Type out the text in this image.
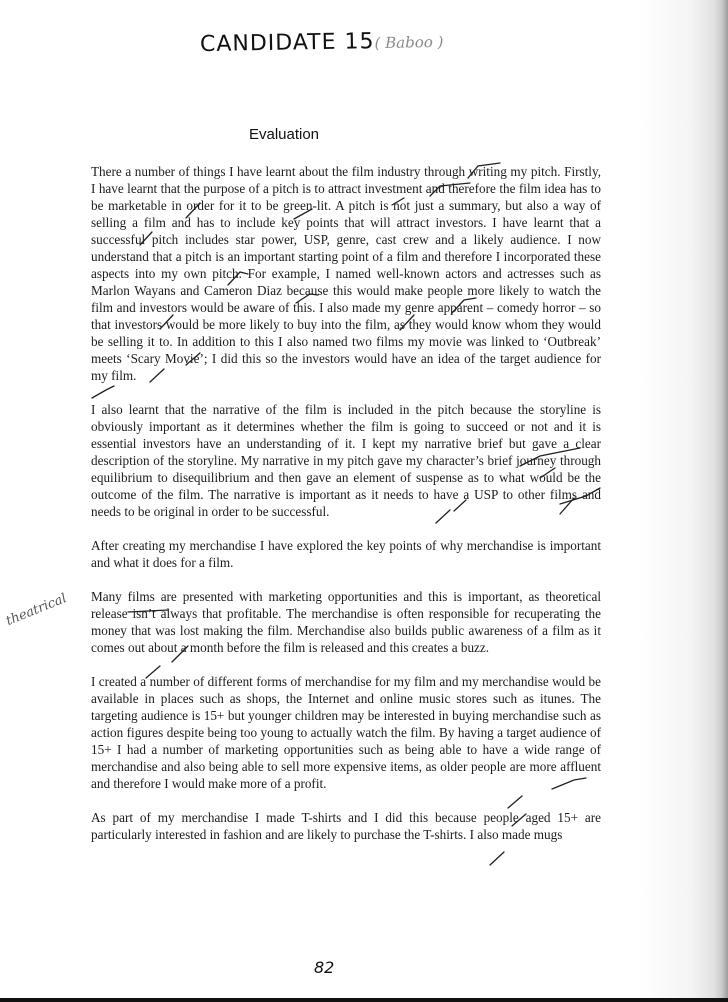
CANDIDATE 15( Baboo )
Evaluation

There a number of things I have learnt about the film industry through writing my pitch. Firstly, I have learnt that the purpose of a pitch is to attract investment and therefore the film idea has to be marketable in order for it to be green-lit. A pitch is not just a summary, but also a way of selling a film and has to include key points that will attract investors. I have learnt that a successful pitch includes star power, USP, genre, cast crew and a likely audience. I now understand that a pitch is an important starting point of a film and therefore I incorporated these aspects into my own pitch. For example, I named well-known actors and actresses such as Marlon Wayans and Cameron Diaz because this would make people more likely to watch the film and investors would be aware of this. I also made my genre apparent – comedy horror – so that investors would be more likely to buy into the film, as they would know whom they would be selling it to. In addition to this I also named two films my movie was linked to ‘Outbreak’ meets ‘Scary Movie’; I did this so the investors would have an idea of the target audience for my film.

I also learnt that the narrative of the film is included in the pitch because the storyline is obviously important as it determines whether the film is going to succeed or not and it is essential investors have an understanding of it. I kept my narrative brief but gave a clear description of the storyline. My narrative in my pitch gave my character’s brief journey through equilibrium to disequilibrium and then gave an element of suspense as to what would be the outcome of the film. The narrative is important as it needs to have a USP to other films and needs to be original in order to be successful.

After creating my merchandise I have explored the key points of why merchandise is important and what it does for a film.

Many films are presented with marketing opportunities and this is important, as theoretical release isn’t always that profitable. The merchandise is often responsible for recuperating the money that was lost making the film. Merchandise also builds public awareness of a film as it comes out about a month before the film is released and this creates a buzz.

I created a number of different forms of merchandise for my film and my merchandise would be available in places such as shops, the Internet and online music stores such as itunes. The targeting audience is 15+ but younger children may be interested in buying merchandise such as action figures despite being too young to actually watch the film. By having a target audience of 15+ I had a number of marketing opportunities such as being able to have a wide range of merchandise and also being able to sell more expensive items, as older people are more affluent and therefore I would make more of a profit.

As part of my merchandise I made T-shirts and I did this because people aged 15+ are particularly interested in fashion and are likely to purchase the T-shirts. I also made mugs

theatrical
82
